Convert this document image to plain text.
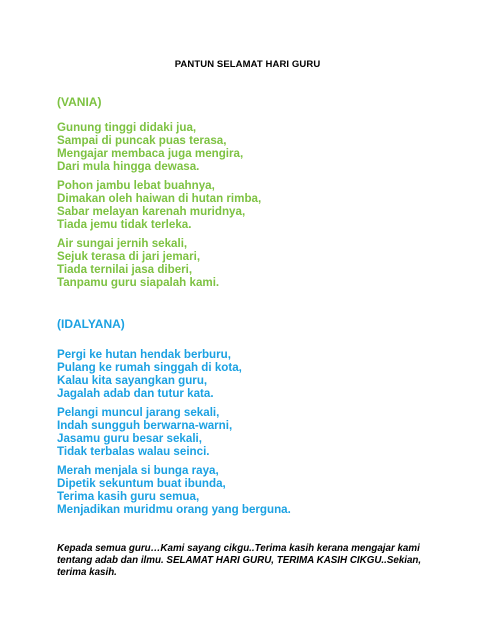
PANTUN SELAMAT HARI GURU
(VANIA)
Gunung tinggi didaki jua,
Sampai di puncak puas terasa,
Mengajar membaca juga mengira,
Dari mula hingga dewasa.
Pohon jambu lebat buahnya,
Dimakan oleh haiwan di hutan rimba,
Sabar melayan karenah muridnya,
Tiada jemu tidak terleka.
Air sungai jernih sekali,
Sejuk terasa di jari jemari,
Tiada ternilai jasa diberi,
Tanpamu guru siapalah kami.
(IDALYANA)
Pergi ke hutan hendak berburu,
Pulang ke rumah singgah di kota,
Kalau kita sayangkan guru,
Jagalah adab dan tutur kata.
Pelangi muncul jarang sekali,
Indah sungguh berwarna-warni,
Jasamu guru besar sekali,
Tidak terbalas walau seinci.
Merah menjala si bunga raya,
Dipetik sekuntum buat ibunda,
Terima kasih guru semua,
Menjadikan muridmu orang yang berguna.
Kepada semua guru…Kami sayang cikgu..Terima kasih kerana mengajar kami tentang adab dan ilmu. SELAMAT HARI GURU, TERIMA KASIH CIKGU..Sekian, terima kasih.
